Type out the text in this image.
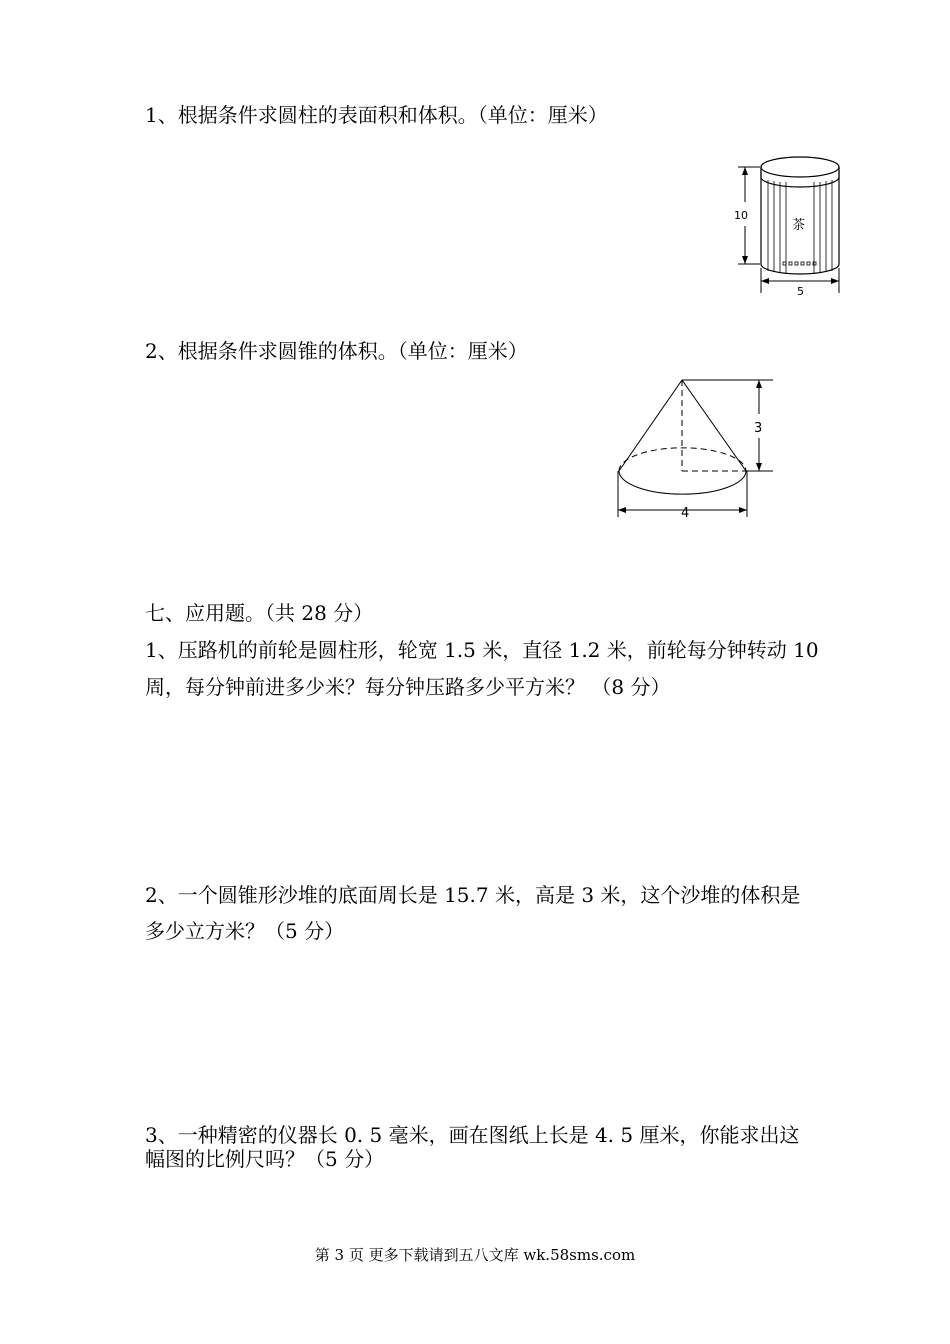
1、根据条件求圆柱的表面积和体积。（单位：厘米）
10
茶
5
2、根据条件求圆锥的体积。（单位：厘米）
3
4
七、应用题。（共 28 分）
1、压路机的前轮是圆柱形，轮宽 1.5 米，直径 1.2 米，前轮每分钟转动 10
周，每分钟前进多少米？每分钟压路多少平方米？ （8 分）
2、一个圆锥形沙堆的底面周长是 15.7 米，高是 3 米，这个沙堆的体积是
多少立方米？（5 分）
3、一种精密的仪器长 0. 5 毫米，画在图纸上长是 4. 5 厘米，你能求出这
幅图的比例尺吗？（5 分）
第 3 页 更多下载请到五八文库 wk.58sms.com
